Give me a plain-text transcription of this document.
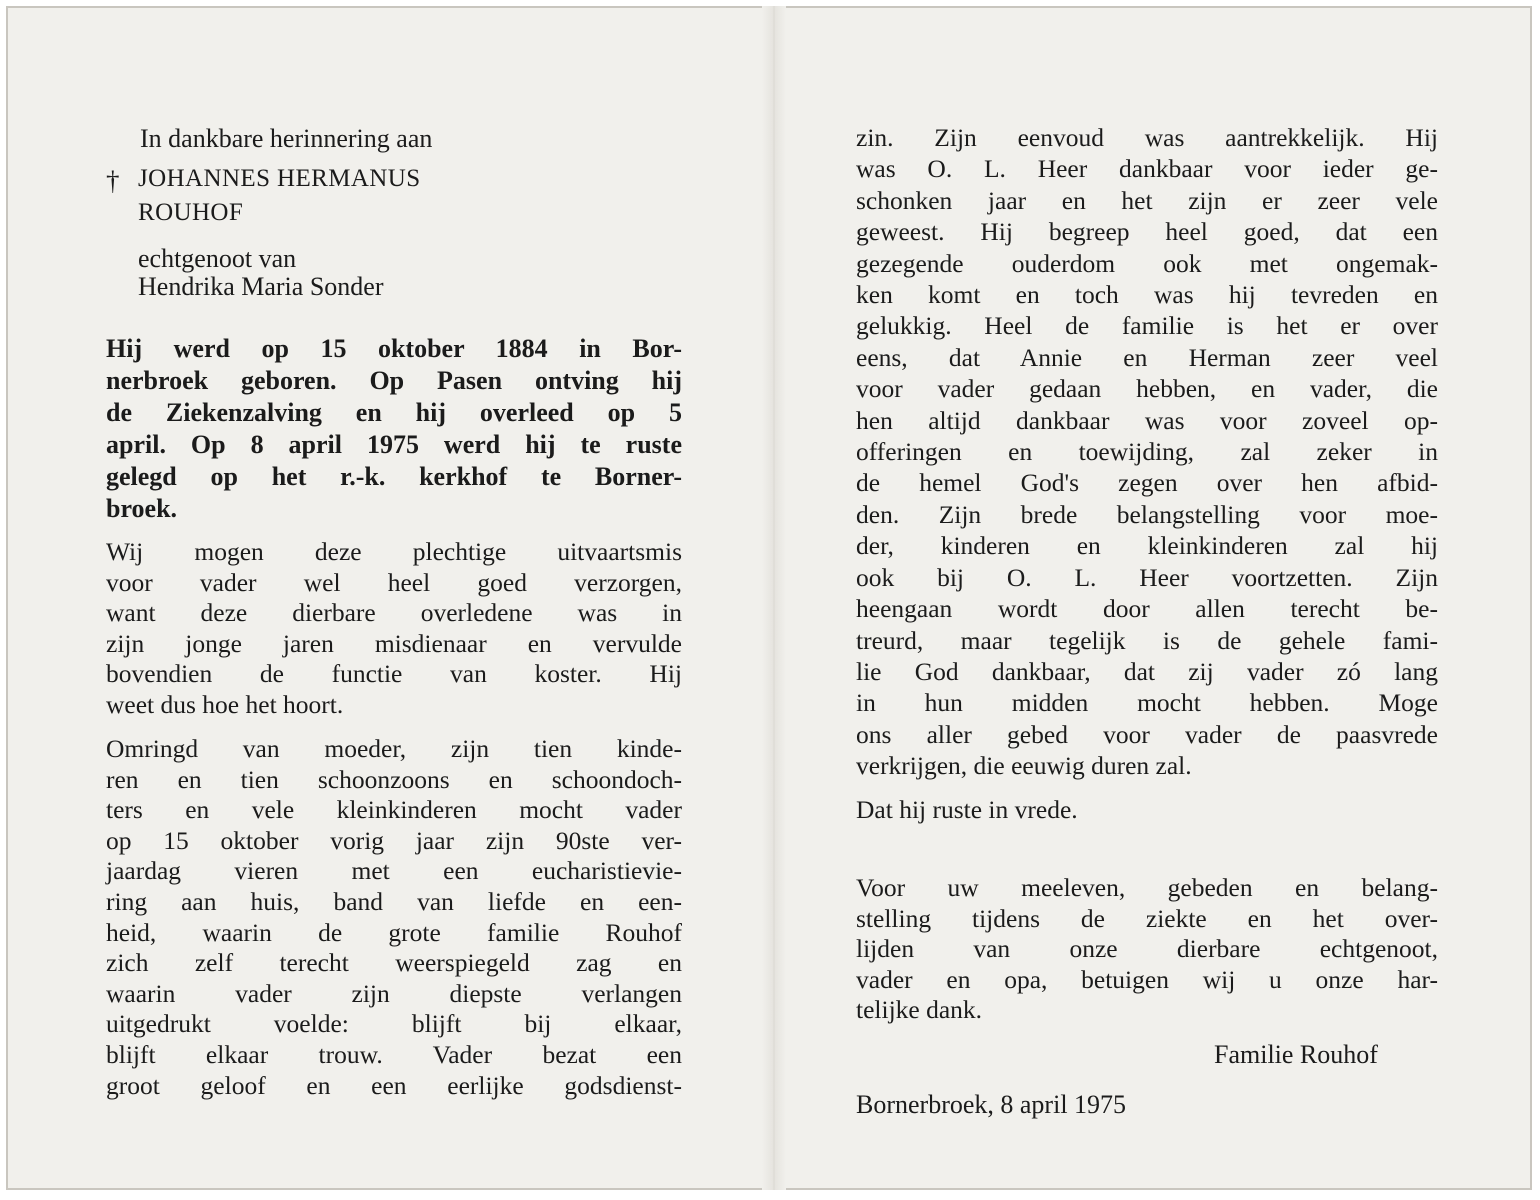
In dankbare herinnering aan
† JOHANNES HERMANUS
ROUHOF
echtgenoot van
Hendrika Maria Sonder
Hij werd op 15 oktober 1884 in Bor-
nerbroek geboren. Op Pasen ontving hij
de Ziekenzalving en hij overleed op 5
april. Op 8 april 1975 werd hij te ruste
gelegd op het r.-k. kerkhof te Borner-
broek.
Wij mogen deze plechtige uitvaartsmis
voor vader wel heel goed verzorgen,
want deze dierbare overledene was in
zijn jonge jaren misdienaar en vervulde
bovendien de functie van koster. Hij
weet dus hoe het hoort.
Omringd van moeder, zijn tien kinde-
ren en tien schoonzoons en schoondoch-
ters en vele kleinkinderen mocht vader
op 15 oktober vorig jaar zijn 90ste ver-
jaardag vieren met een eucharistievie-
ring aan huis, band van liefde en een-
heid, waarin de grote familie Rouhof
zich zelf terecht weerspiegeld zag en
waarin vader zijn diepste verlangen
uitgedrukt voelde: blijft bij elkaar,
blijft elkaar trouw. Vader bezat een
groot geloof en een eerlijke godsdienst-
zin. Zijn eenvoud was aantrekkelijk. Hij
was O. L. Heer dankbaar voor ieder ge-
schonken jaar en het zijn er zeer vele
geweest. Hij begreep heel goed, dat een
gezegende ouderdom ook met ongemak-
ken komt en toch was hij tevreden en
gelukkig. Heel de familie is het er over
eens, dat Annie en Herman zeer veel
voor vader gedaan hebben, en vader, die
hen altijd dankbaar was voor zoveel op-
offeringen en toewijding, zal zeker in
de hemel God's zegen over hen afbid-
den. Zijn brede belangstelling voor moe-
der, kinderen en kleinkinderen zal hij
ook bij O. L. Heer voortzetten. Zijn
heengaan wordt door allen terecht be-
treurd, maar tegelijk is de gehele fami-
lie God dankbaar, dat zij vader zó lang
in hun midden mocht hebben. Moge
ons aller gebed voor vader de paasvrede
verkrijgen, die eeuwig duren zal.
Dat hij ruste in vrede.
Voor uw meeleven, gebeden en belang-
stelling tijdens de ziekte en het over-
lijden van onze dierbare echtgenoot,
vader en opa, betuigen wij u onze har-
telijke dank.
Familie Rouhof
Bornerbroek, 8 april 1975
